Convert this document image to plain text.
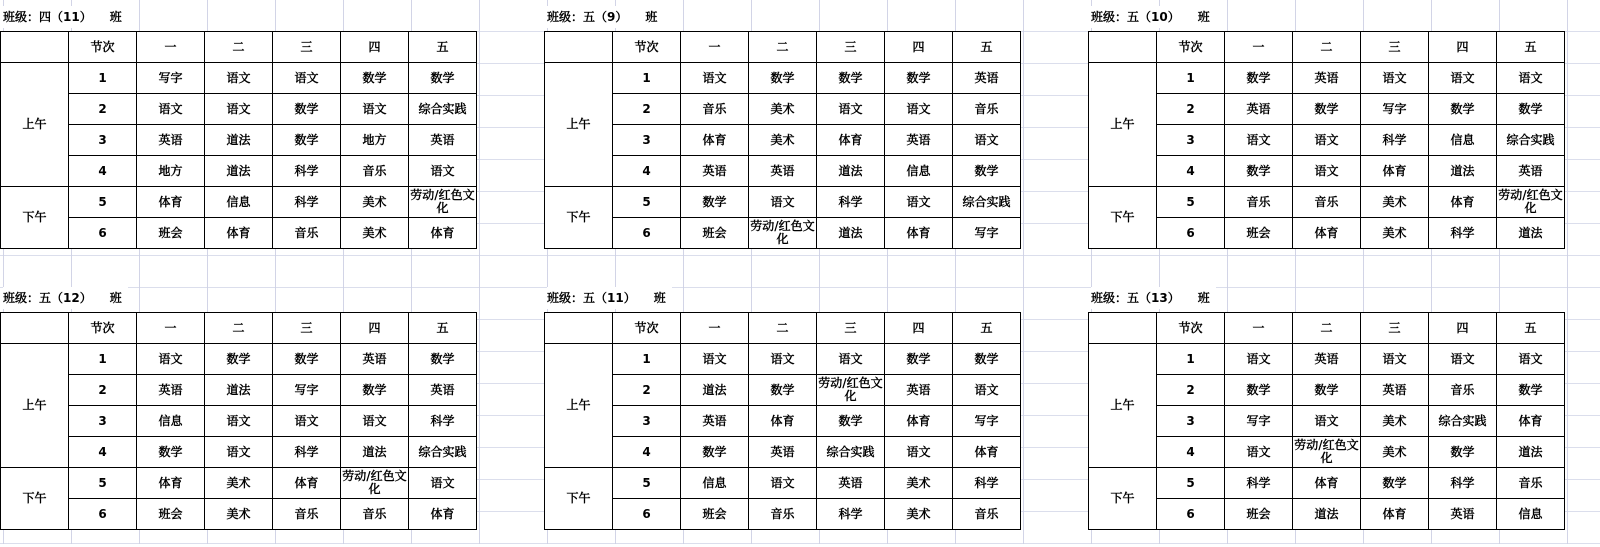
班级：四（11） 班
	节次	一	二	三	四	五
上午	1	写字	语文	语文	数学	数学
	2	语文	语文	数学	语文	综合实践
	3	英语	道法	数学	地方	英语
	4	地方	道法	科学	音乐	语文
下午	5	体育	信息	科学	美术	劳动/红色文化
	6	班会	体育	音乐	美术	体育
班级：五（9） 班
	节次	一	二	三	四	五
上午	1	语文	数学	数学	数学	英语
	2	音乐	美术	语文	语文	音乐
	3	体育	美术	体育	英语	语文
	4	英语	英语	道法	信息	数学
下午	5	数学	语文	科学	语文	综合实践
	6	班会	劳动/红色文化	道法	体育	写字
班级：五（10） 班
	节次	一	二	三	四	五
上午	1	数学	英语	语文	语文	语文
	2	英语	数学	写字	数学	数学
	3	语文	语文	科学	信息	综合实践
	4	数学	语文	体育	道法	英语
下午	5	音乐	音乐	美术	体育	劳动/红色文化
	6	班会	体育	美术	科学	道法
班级：五（12） 班
	节次	一	二	三	四	五
上午	1	语文	数学	数学	英语	数学
	2	英语	道法	写字	数学	英语
	3	信息	语文	语文	语文	科学
	4	数学	语文	科学	道法	综合实践
下午	5	体育	美术	体育	劳动/红色文化	语文
	6	班会	美术	音乐	音乐	体育
班级：五（11） 班
	节次	一	二	三	四	五
上午	1	语文	语文	语文	数学	数学
	2	道法	数学	劳动/红色文化	英语	语文
	3	英语	体育	数学	体育	写字
	4	数学	英语	综合实践	语文	体育
下午	5	信息	语文	英语	美术	科学
	6	班会	音乐	科学	美术	音乐
班级：五（13） 班
	节次	一	二	三	四	五
上午	1	语文	英语	语文	语文	语文
	2	数学	数学	英语	音乐	数学
	3	写字	语文	美术	综合实践	体育
	4	语文	劳动/红色文化	美术	数学	道法
下午	5	科学	体育	数学	科学	音乐
	6	班会	道法	体育	英语	信息
